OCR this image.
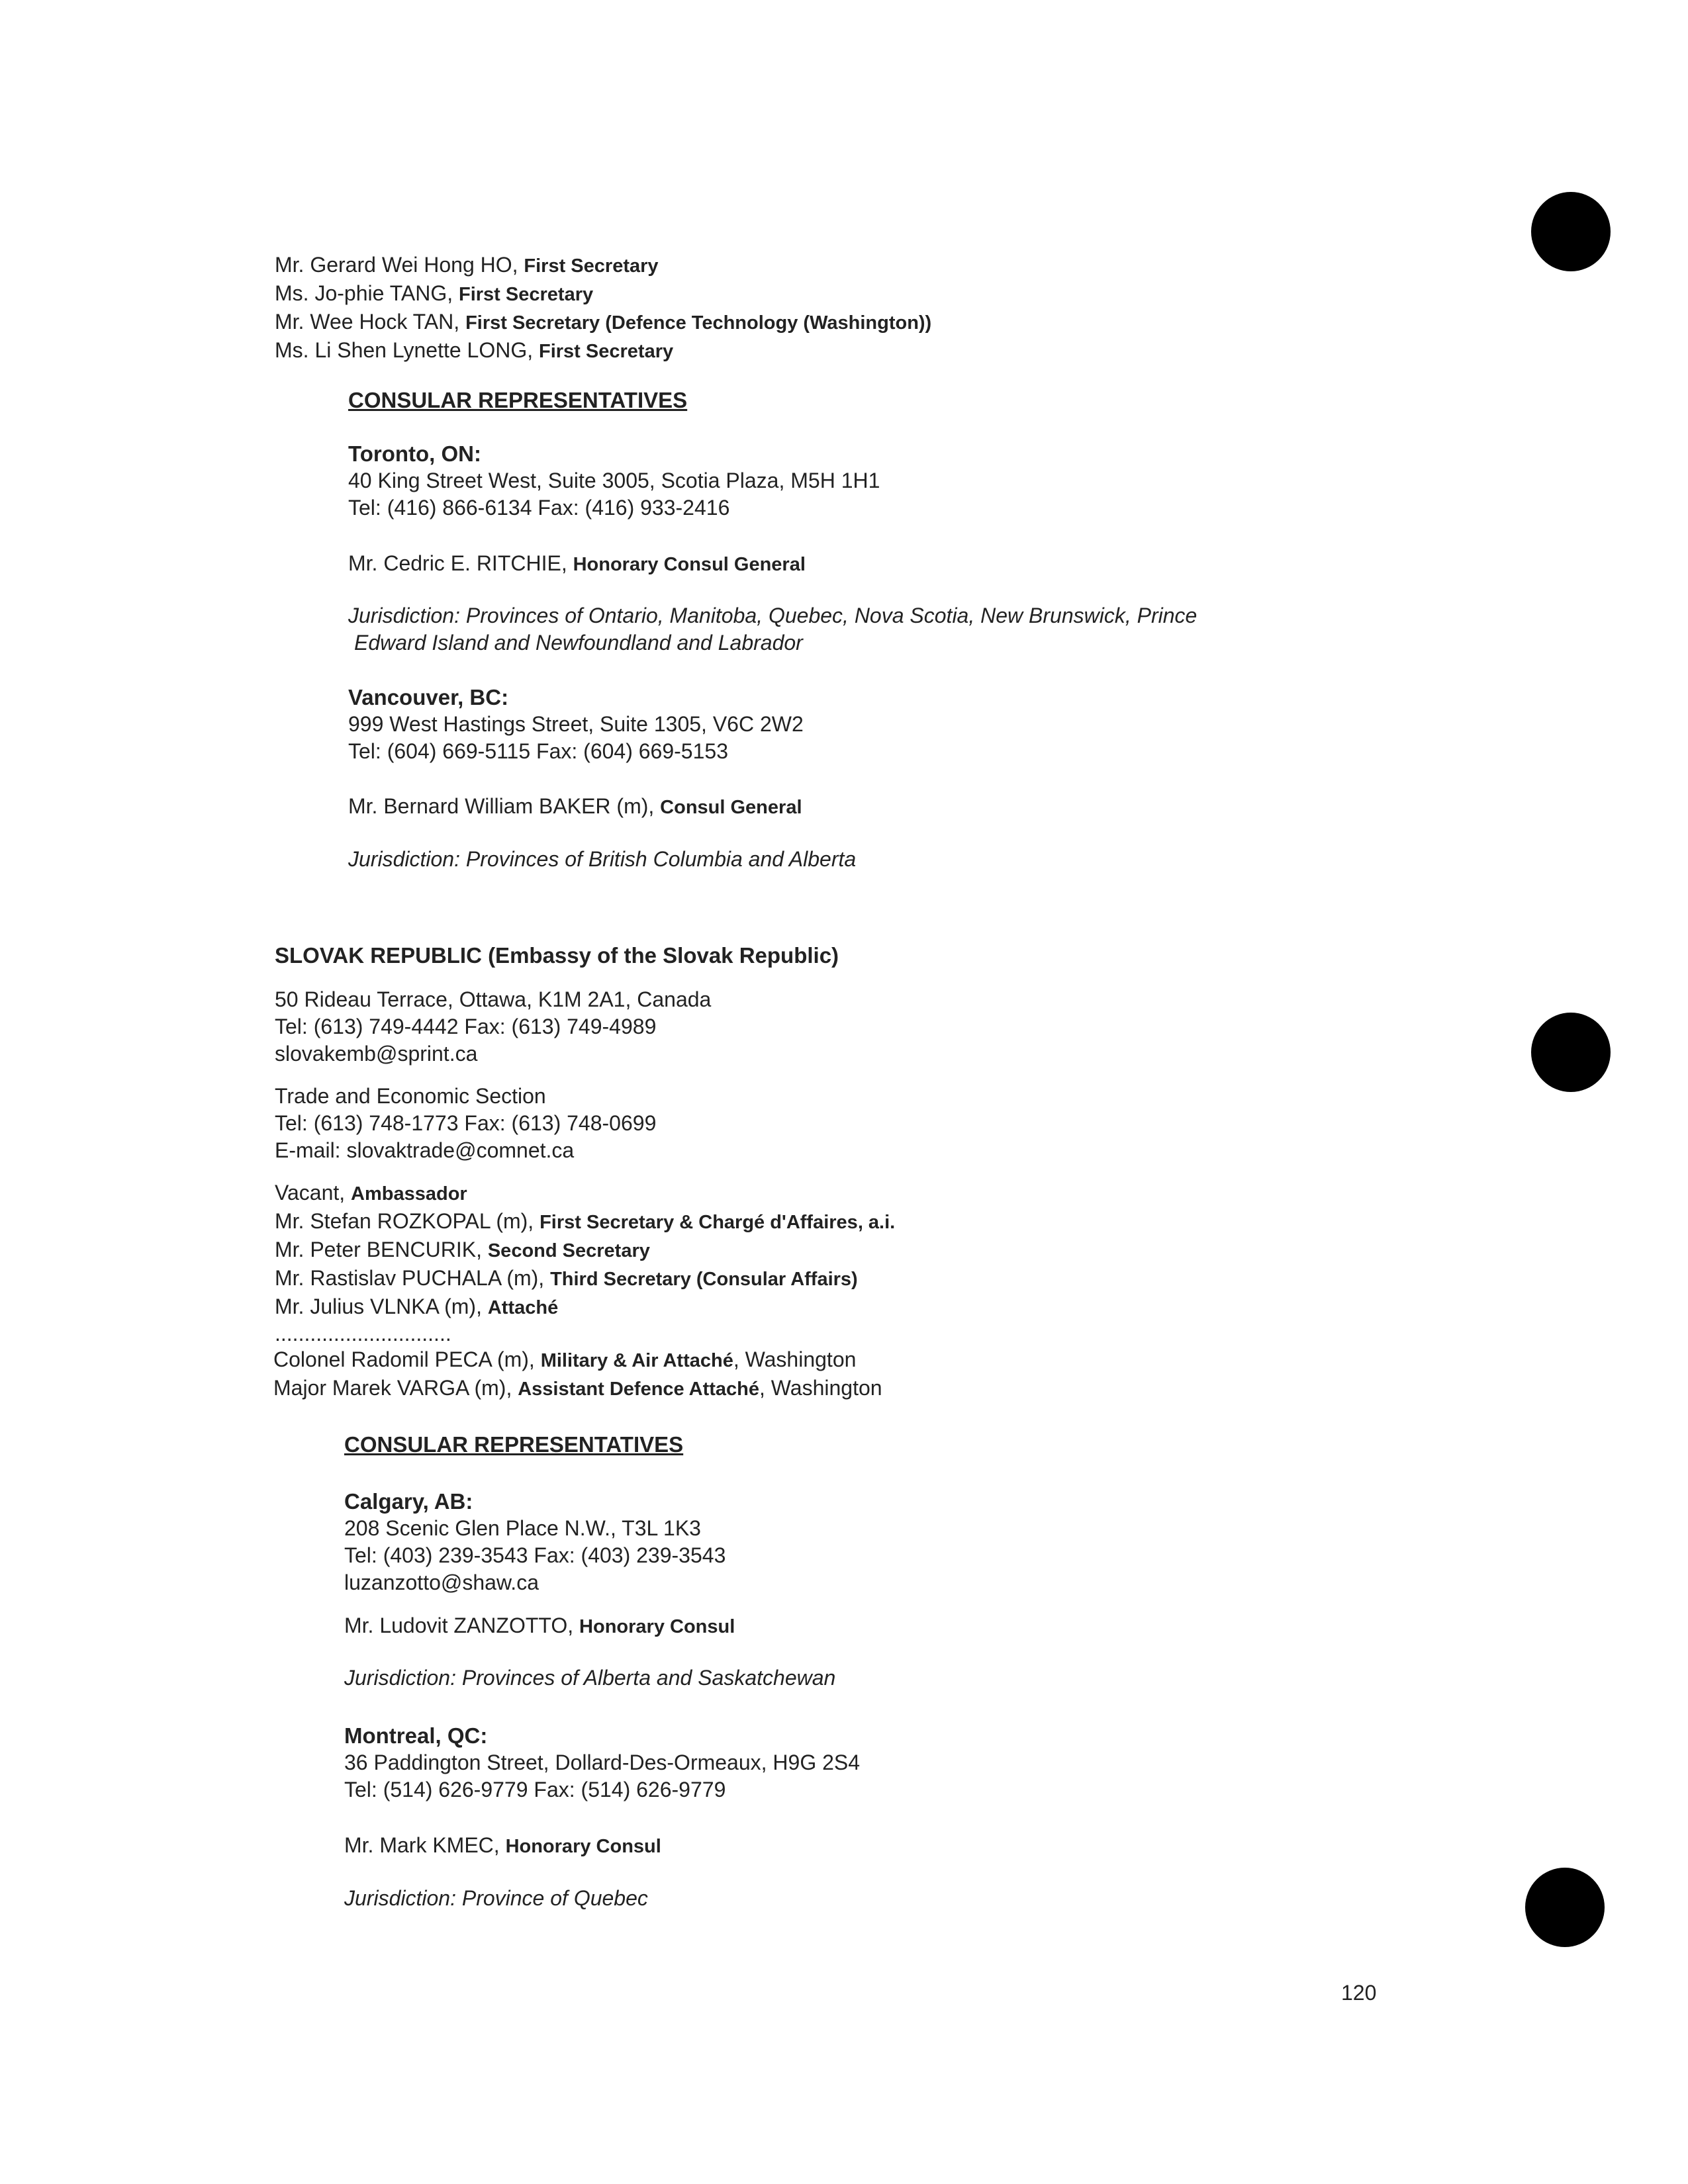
Mr. Gerard Wei Hong HO, First Secretary
Ms. Jo-phie TANG, First Secretary
Mr. Wee Hock TAN, First Secretary (Defence Technology (Washington))
Ms. Li Shen Lynette LONG, First Secretary
CONSULAR REPRESENTATIVES
Toronto, ON:
40 King Street West, Suite 3005, Scotia Plaza, M5H 1H1
Tel: (416) 866-6134 Fax: (416) 933-2416
Mr. Cedric E. RITCHIE, Honorary Consul General
Jurisdiction: Provinces of Ontario, Manitoba, Quebec, Nova Scotia, New Brunswick, Prince
Edward Island and Newfoundland and Labrador
Vancouver, BC:
999 West Hastings Street, Suite 1305, V6C 2W2
Tel: (604) 669-5115 Fax: (604) 669-5153
Mr. Bernard William BAKER (m), Consul General
Jurisdiction: Provinces of British Columbia and Alberta
SLOVAK REPUBLIC (Embassy of the Slovak Republic)
50 Rideau Terrace, Ottawa, K1M 2A1, Canada
Tel: (613) 749-4442 Fax: (613) 749-4989
slovakemb@sprint.ca
Trade and Economic Section
Tel: (613) 748-1773 Fax: (613) 748-0699
E-mail: slovaktrade@comnet.ca
Vacant, Ambassador
Mr. Stefan ROZKOPAL (m), First Secretary & Chargé d'Affaires, a.i.
Mr. Peter BENCURIK, Second Secretary
Mr. Rastislav PUCHALA (m), Third Secretary (Consular Affairs)
Mr. Julius VLNKA (m), Attaché
..............................
Colonel Radomil PECA (m), Military & Air Attaché, Washington
Major Marek VARGA (m), Assistant Defence Attaché, Washington
CONSULAR REPRESENTATIVES
Calgary, AB:
208 Scenic Glen Place N.W., T3L 1K3
Tel: (403) 239-3543 Fax: (403) 239-3543
luzanzotto@shaw.ca
Mr. Ludovit ZANZOTTO, Honorary Consul
Jurisdiction: Provinces of Alberta and Saskatchewan
Montreal, QC:
36 Paddington Street, Dollard-Des-Ormeaux, H9G 2S4
Tel: (514) 626-9779 Fax: (514) 626-9779
Mr. Mark KMEC, Honorary Consul
Jurisdiction: Province of Quebec
120
